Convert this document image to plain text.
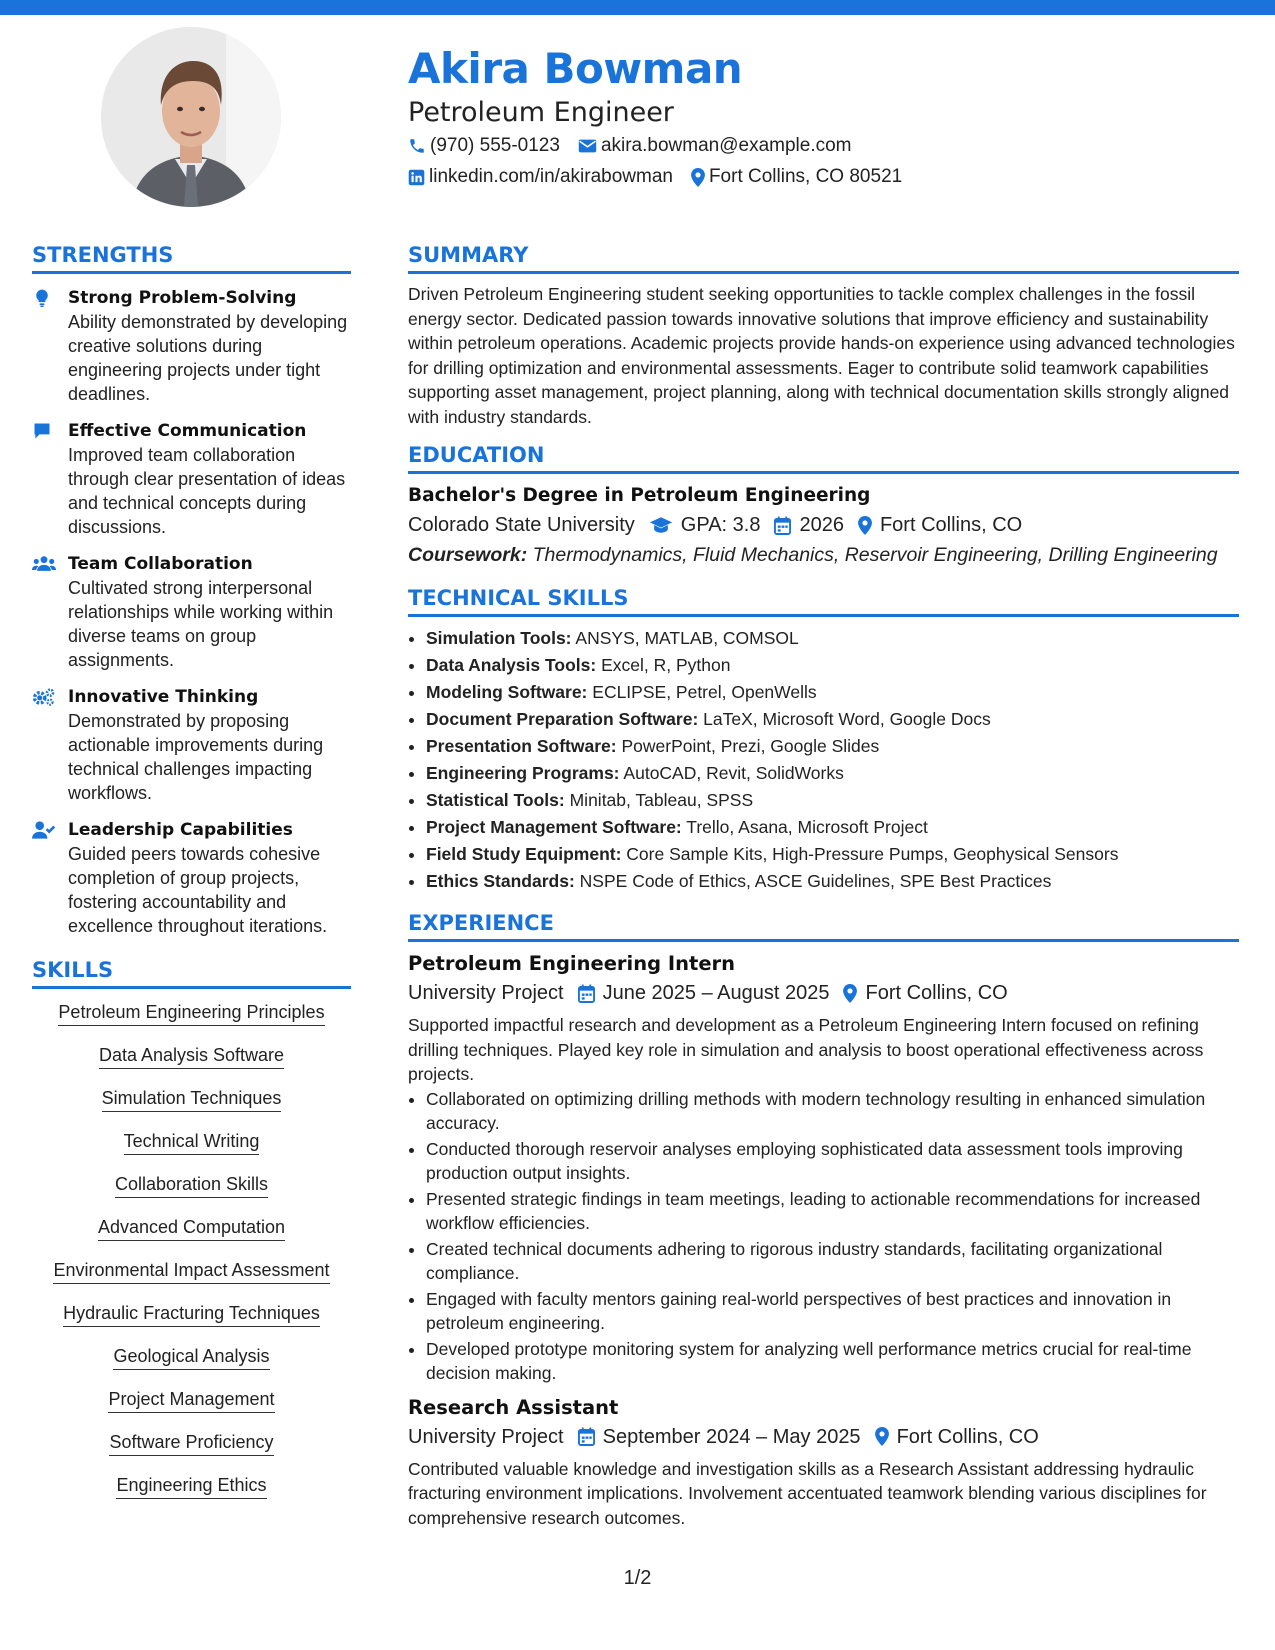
Akira Bowman
Petroleum Engineer
(970) 555-0123 akira.bowman@example.com
linkedin.com/in/akirabowman Fort Collins, CO 80521
STRENGTHS
Strong Problem-Solving
Ability demonstrated by developing creative solutions during engineering projects under tight deadlines.
Effective Communication
Improved team collaboration through clear presentation of ideas and technical concepts during discussions.
Team Collaboration
Cultivated strong interpersonal relationships while working within diverse teams on group assignments.
Innovative Thinking
Demonstrated by proposing actionable improvements during technical challenges impacting workflows.
Leadership Capabilities
Guided peers towards cohesive completion of group projects, fostering accountability and excellence throughout iterations.
SKILLS
Petroleum Engineering Principles
Data Analysis Software
Simulation Techniques
Technical Writing
Collaboration Skills
Advanced Computation
Environmental Impact Assessment
Hydraulic Fracturing Techniques
Geological Analysis
Project Management
Software Proficiency
Engineering Ethics
SUMMARY

Driven Petroleum Engineering student seeking opportunities to tackle complex challenges in the fossil energy sector. Dedicated passion towards innovative solutions that improve efficiency and sustainability within petroleum operations. Academic projects provide hands-on experience using advanced technologies for drilling optimization and environmental assessments. Eager to contribute solid teamwork capabilities supporting asset management, project planning, along with technical documentation skills strongly aligned with industry standards.

EDUCATION
Bachelor's Degree in Petroleum Engineering
Colorado State University GPA: 3.8 2026 Fort Collins, CO
Coursework: Thermodynamics, Fluid Mechanics, Reservoir Engineering, Drilling Engineering
TECHNICAL SKILLS
• Simulation Tools: ANSYS, MATLAB, COMSOL
• Data Analysis Tools: Excel, R, Python
• Modeling Software: ECLIPSE, Petrel, OpenWells
• Document Preparation Software: LaTeX, Microsoft Word, Google Docs
• Presentation Software: PowerPoint, Prezi, Google Slides
• Engineering Programs: AutoCAD, Revit, SolidWorks
• Statistical Tools: Minitab, Tableau, SPSS
• Project Management Software: Trello, Asana, Microsoft Project
• Field Study Equipment: Core Sample Kits, High-Pressure Pumps, Geophysical Sensors
• Ethics Standards: NSPE Code of Ethics, ASCE Guidelines, SPE Best Practices
EXPERIENCE
Petroleum Engineering Intern
University Project June 2025 – August 2025 Fort Collins, CO
Supported impactful research and development as a Petroleum Engineering Intern focused on refining drilling techniques. Played key role in simulation and analysis to boost operational effectiveness across projects.
• Collaborated on optimizing drilling methods with modern technology resulting in enhanced simulation accuracy.
• Conducted thorough reservoir analyses employing sophisticated data assessment tools improving production output insights.
• Presented strategic findings in team meetings, leading to actionable recommendations for increased workflow efficiencies.
• Created technical documents adhering to rigorous industry standards, facilitating organizational compliance.
• Engaged with faculty mentors gaining real-world perspectives of best practices and innovation in petroleum engineering.
• Developed prototype monitoring system for analyzing well performance metrics crucial for real-time decision making.
Research Assistant
University Project September 2024 – May 2025 Fort Collins, CO
Contributed valuable knowledge and investigation skills as a Research Assistant addressing hydraulic fracturing environment implications. Involvement accentuated teamwork blending various disciplines for comprehensive research outcomes.
1/2
